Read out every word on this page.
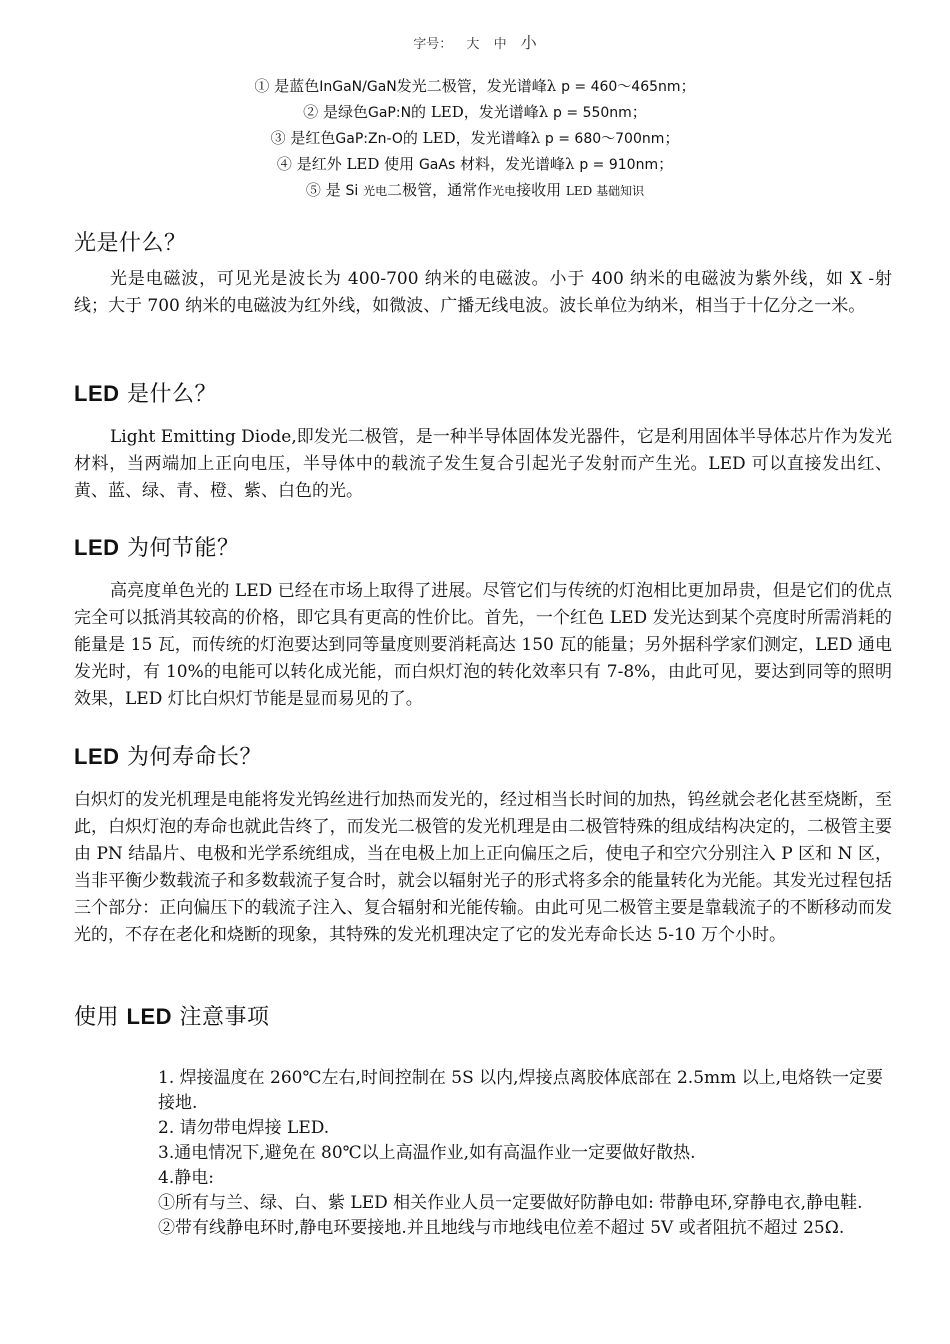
字号： 大 中 小
① 是蓝色InGaN/GaN发光二极管，发光谱峰λ p = 460～465nm；
② 是绿色GaP:N的 LED，发光谱峰λ p = 550nm；
③ 是红色GaP:Zn-O的 LED，发光谱峰λ p = 680～700nm；
④ 是红外 LED 使用 GaAs 材料，发光谱峰λ p = 910nm；
⑤ 是 Si 光电二极管，通常作光电接收用 LED 基础知识
光是什么？

光是电磁波，可见光是波长为 400-700 纳米的电磁波。小于 400 纳米的电磁波为紫外线，如 X -射线；大于 700 纳米的电磁波为红外线，如微波、广播无线电波。波长单位为纳米，相当于十亿分之一米。

LED 是什么？

Light Emitting Diode,即发光二极管，是一种半导体固体发光器件，它是利用固体半导体芯片作为发光材料，当两端加上正向电压，半导体中的载流子发生复合引起光子发射而产生光。LED 可以直接发出红、黄、蓝、绿、青、橙、紫、白色的光。

LED 为何节能？

高亮度单色光的 LED 已经在市场上取得了进展。尽管它们与传统的灯泡相比更加昂贵，但是它们的优点完全可以抵消其较高的价格，即它具有更高的性价比。首先，一个红色 LED 发光达到某个亮度时所需消耗的能量是 15 瓦，而传统的灯泡要达到同等量度则要消耗高达 150 瓦的能量；另外据科学家们测定，LED 通电发光时，有 10%的电能可以转化成光能，而白炽灯泡的转化效率只有 7-8%，由此可见，要达到同等的照明效果，LED 灯比白炽灯节能是显而易见的了。

LED 为何寿命长？

白炽灯的发光机理是电能将发光钨丝进行加热而发光的，经过相当长时间的加热，钨丝就会老化甚至烧断，至此，白炽灯泡的寿命也就此告终了，而发光二极管的发光机理是由二极管特殊的组成结构决定的，二极管主要由 PN 结晶片、电极和光学系统组成，当在电极上加上正向偏压之后，使电子和空穴分别注入 P 区和 N 区，当非平衡少数载流子和多数载流子复合时，就会以辐射光子的形式将多余的能量转化为光能。其发光过程包括三个部分：正向偏压下的载流子注入、复合辐射和光能传输。由此可见二极管主要是靠载流子的不断移动而发光的，不存在老化和烧断的现象，其特殊的发光机理决定了它的发光寿命长达 5-10 万个小时。

使用 LED 注意事项
1. 焊接温度在 260℃左右,时间控制在 5S 以内,焊接点离胶体底部在 2.5mm 以上,电烙铁一定要接地.
2. 请勿带电焊接 LED.
3.通电情况下,避免在 80℃以上高温作业,如有高温作业一定要做好散热.
4.静电:
①所有与兰、绿、白、紫 LED 相关作业人员一定要做好防静电如: 带静电环,穿静电衣,静电鞋.
②带有线静电环时,静电环要接地.并且地线与市地线电位差不超过 5V 或者阻抗不超过 25Ω.
